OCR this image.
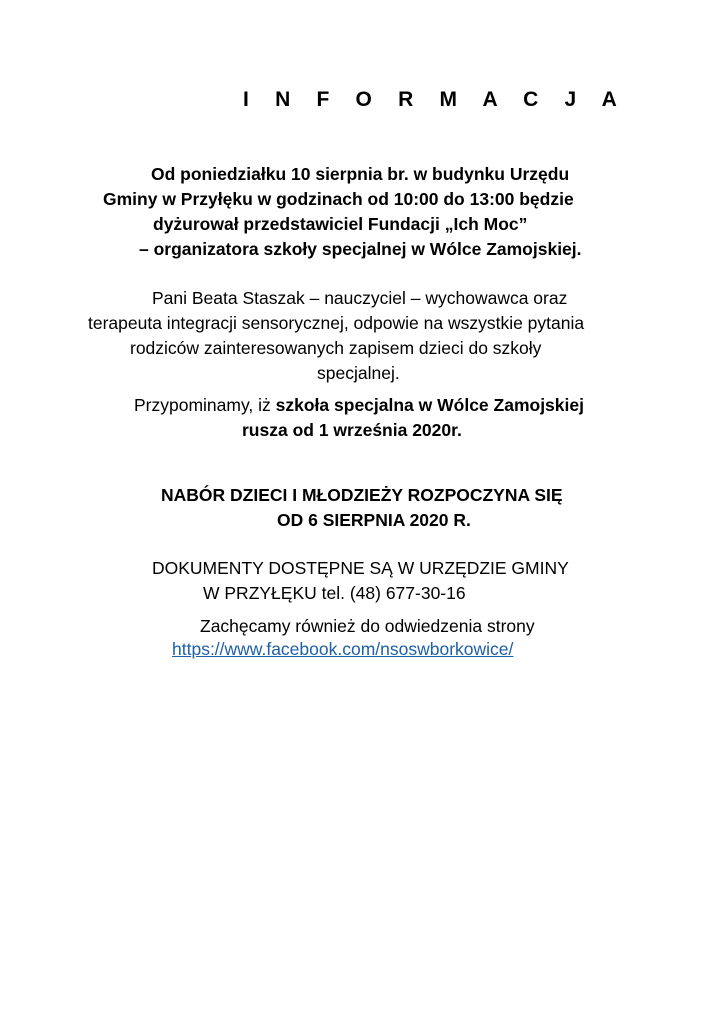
I N F O R M A C J A
Od poniedziałku 10 sierpnia br. w budynku Urzędu
Gminy w Przyłęku w godzinach od 10:00 do 13:00 będzie
dyżurował przedstawiciel Fundacji „Ich Moc”
– organizatora szkoły specjalnej w Wólce Zamojskiej.
Pani Beata Staszak – nauczyciel – wychowawca oraz
terapeuta integracji sensorycznej, odpowie na wszystkie pytania
rodziców zainteresowanych zapisem dzieci do szkoły
specjalnej.
Przypominamy, iż szkoła specjalna w Wólce Zamojskiej
rusza od 1 września 2020r.
NABÓR DZIECI I MŁODZIEŻY ROZPOCZYNA SIĘ
OD 6 SIERPNIA 2020 R.
DOKUMENTY DOSTĘPNE SĄ W URZĘDZIE GMINY
W PRZYŁĘKU tel. (48) 677-30-16
Zachęcamy również do odwiedzenia strony
https://www.facebook.com/nsoswborkowice/
